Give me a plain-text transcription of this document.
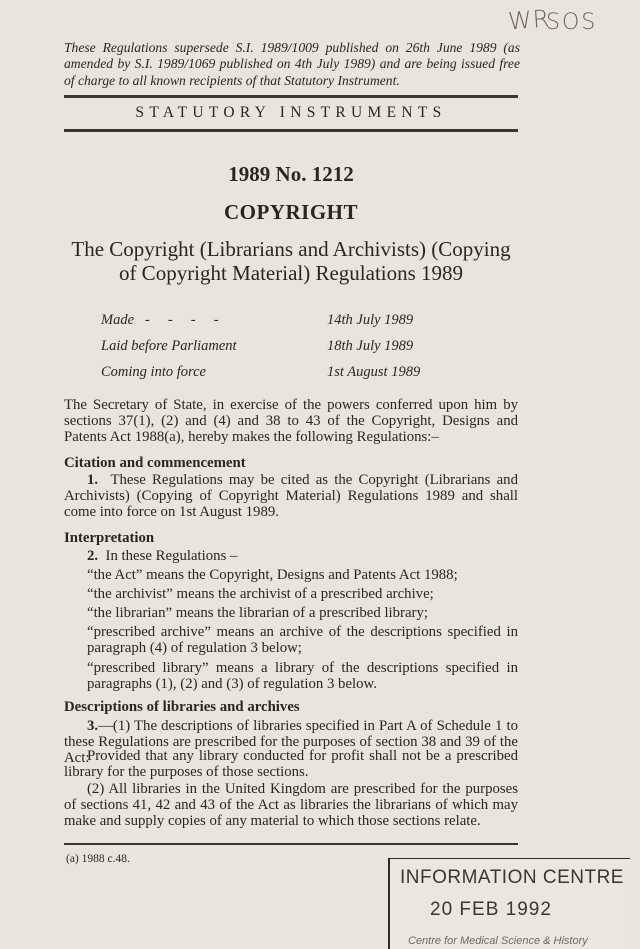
WR
SOS
These Regulations supersede S.I. 1989/1009 published on 26th June 1989 (as amended by S.I. 1989/1069 published on 4th July 1989) and are being issued free of charge to all known recipients of that Statutory Instrument.
STATUTORY INSTRUMENTS
1989 No. 1212
COPYRIGHT
The Copyright (Librarians and Archivists) (Copying of Copyright Material) Regulations 1989
Made   -     -     -     -	14th July 1989
Laid before Parliament	18th July 1989
Coming into force	1st August 1989
The Secretary of State, in exercise of the powers conferred upon him by sections 37(1), (2) and (4) and 38 to 43 of the Copyright, Designs and Patents Act 1988(a), hereby makes the following Regulations:–
Citation and commencement
1. These Regulations may be cited as the Copyright (Librarians and Archivists) (Copying of Copyright Material) Regulations 1989 and shall come into force on 1st August 1989.
Interpretation
2. In these Regulations –
“the Act” means the Copyright, Designs and Patents Act 1988;
“the archivist” means the archivist of a prescribed archive;
“the librarian” means the librarian of a prescribed library;
“prescribed archive” means an archive of the descriptions specified in paragraph (4) of regulation 3 below;
“prescribed library” means a library of the descriptions specified in paragraphs (1), (2) and (3) of regulation 3 below.
Descriptions of libraries and archives
3.—(1) The descriptions of libraries specified in Part A of Schedule 1 to these Regulations are prescribed for the purposes of section 38 and 39 of the Act:
Provided that any library conducted for profit shall not be a prescribed library for the purposes of those sections.
(2) All libraries in the United Kingdom are prescribed for the purposes of sections 41, 42 and 43 of the Act as libraries the librarians of which may make and supply copies of any material to which those sections relate.
(a) 1988 c.48.
INFORMATION CENTRE
20 FEB 1992
Centre for Medical Science & History
